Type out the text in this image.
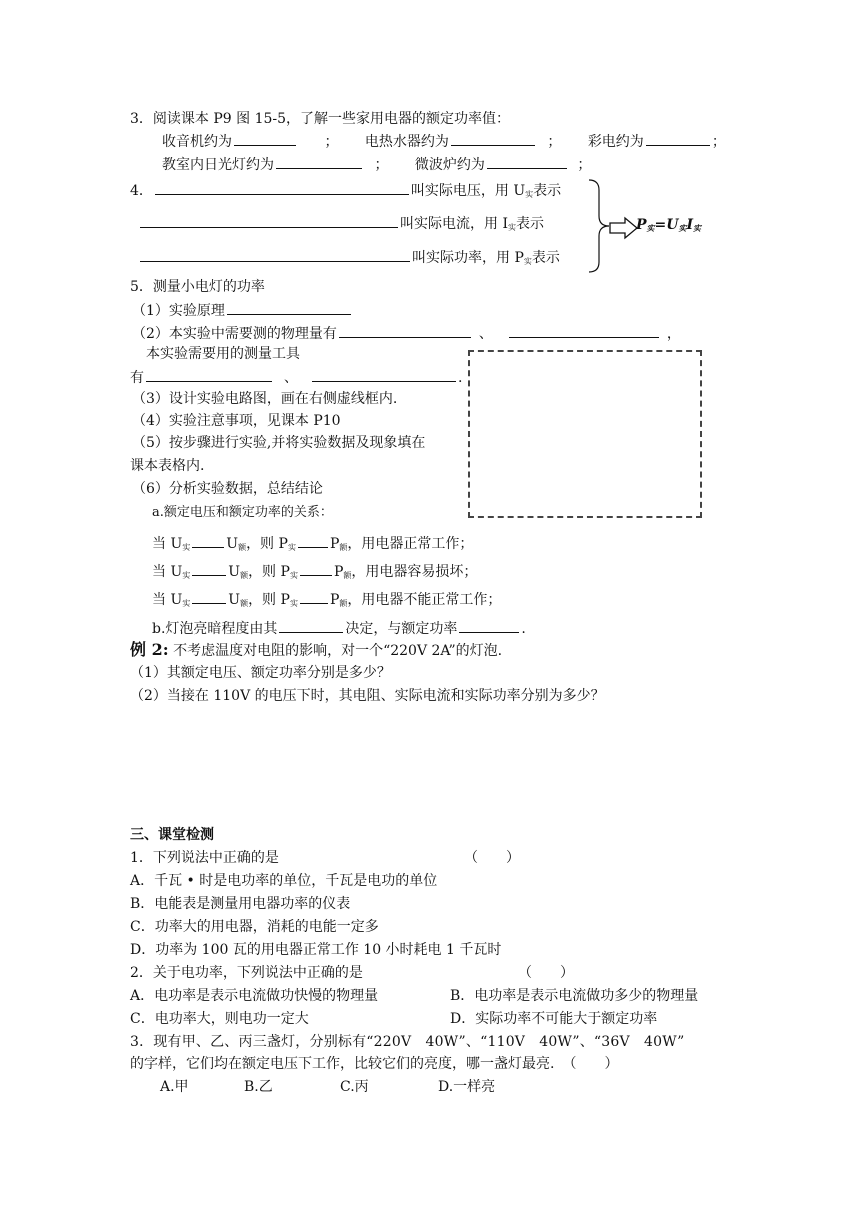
3．阅读课本 P9 图 15-5，了解一些家用电器的额定功率值：
收音机约为	； 电热水器约为	； 彩电约为	；
教室内日光灯约为	； 微波炉约为	；
4．	叫实际电压，用 $U_实$表示
叫实际电流，用 $I_实$表示
叫实际功率，用 $P_实$表示
$P_实=U_实I_实$
5．测量小电灯的功率
（1）实验原理
（2）本实验中需要测的物理量有	、	，
本实验需要用的测量工具
有	、	.
（3）设计实验电路图，画在右侧虚线框内.
（4）实验注意事项，见课本 P10
（5）按步骤进行实验,并将实验数据及现象填在
课本表格内.
（6）分析实验数据，总结结论
a.额定电压和额定功率的关系：
当 $U_实$	$U_额$，则 $P_实$ $P_额$，用电器正常工作；
当 $U_实$	$U_额$，则 $P_实$	$P_额$，用电器容易损坏；
当 $U_实$	$U_额$，则 $P_实$ $P_额$，用电器不能正常工作；
b.灯泡亮暗程度由其	决定，与额定功率	.
例 2: 不考虑温度对电阻的影响，对一个“220V 2A”的灯泡.
（1）其额定电压、额定功率分别是多少？
（2）当接在 110V 的电压下时，其电阻、实际电流和实际功率分别为多少？
三、课堂检测
1．下列说法中正确的是	（　　）
A．千瓦 • 时是电功率的单位，千瓦是电功的单位
B．电能表是测量用电器功率的仪表
C．功率大的用电器，消耗的电能一定多
D．功率为 100 瓦的用电器正常工作 10 小时耗电 1 千瓦时
2．关于电功率，下列说法中正确的是	（　　）
A．电功率是表示电流做功快慢的物理量	B．电功率是表示电流做功多少的物理量
C．电功率大，则电功一定大	D．实际功率不可能大于额定功率
3．现有甲、乙、丙三盏灯，分别标有“220V　40W”、“110V　40W”、“36V　40W”
的字样，它们均在额定电压下工作，比较它们的亮度，哪一盏灯最亮. （　　）
A.甲	B.乙	C.丙	D.一样亮
